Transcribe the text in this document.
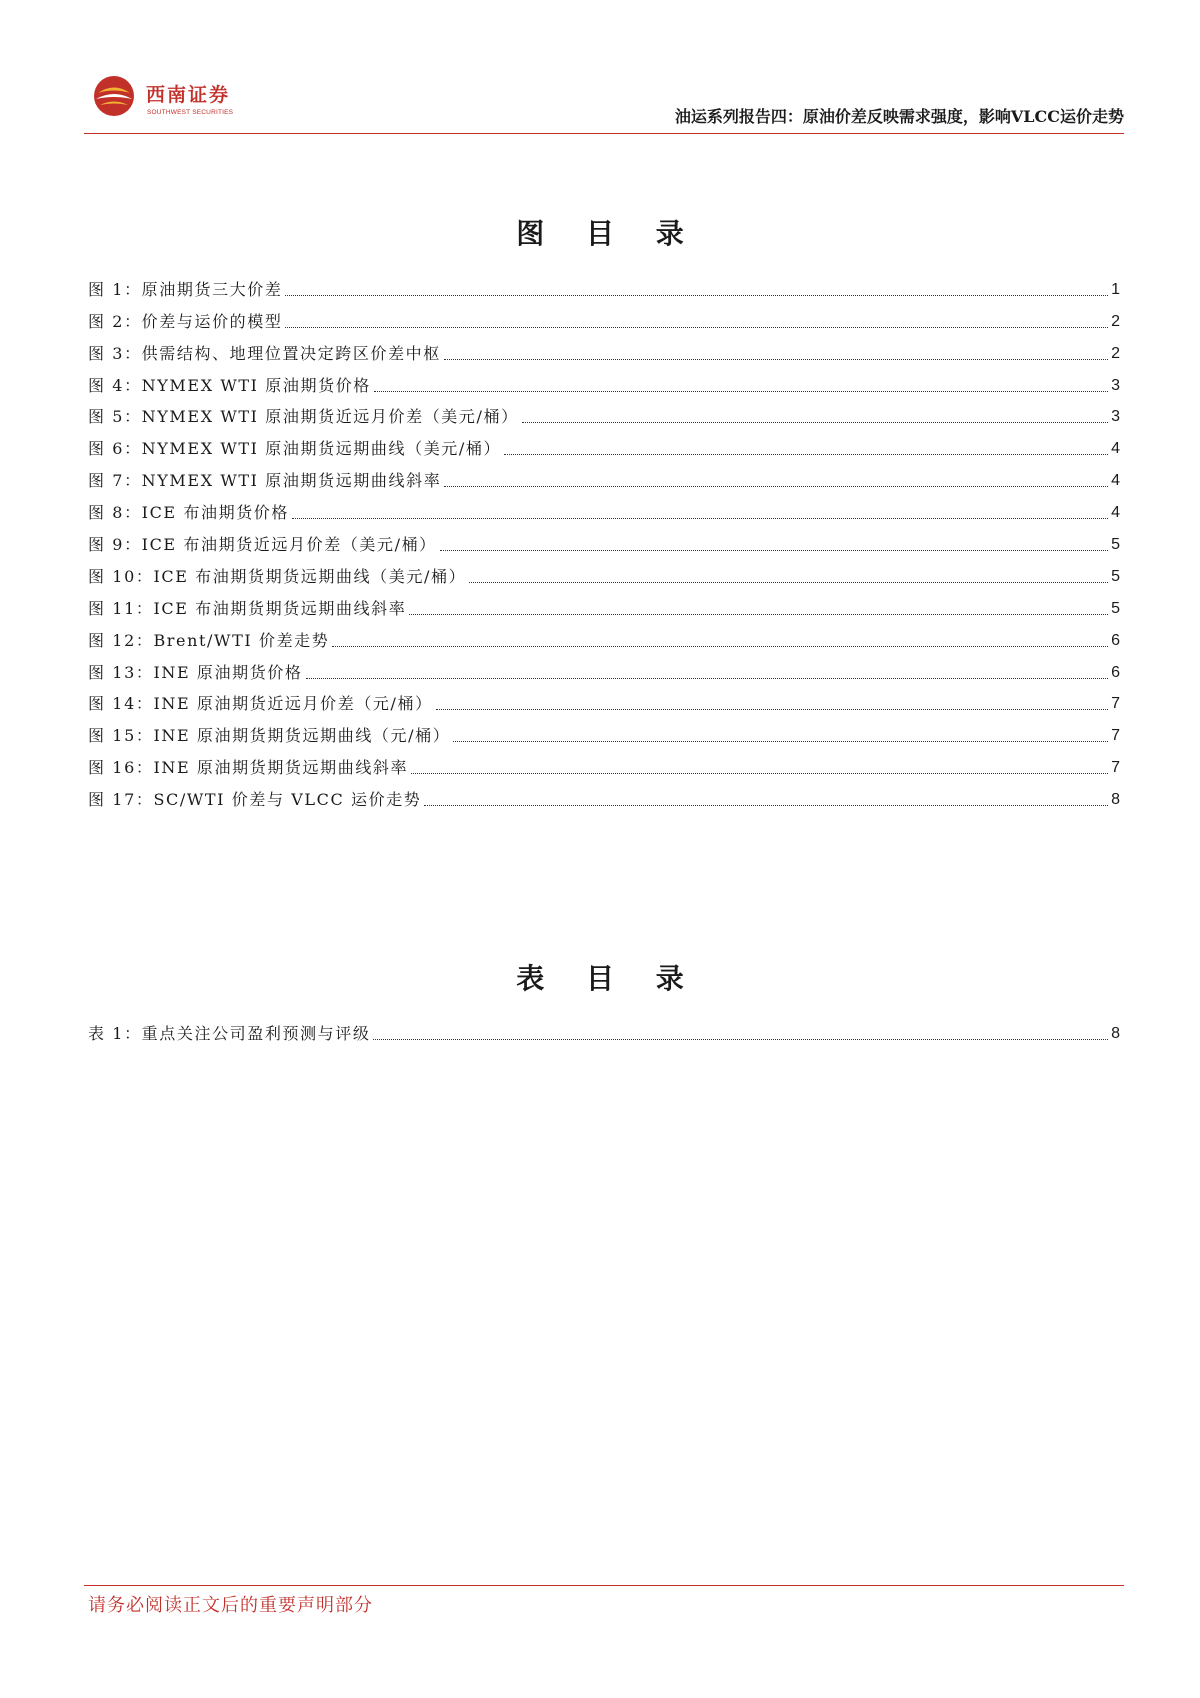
西南证券
SOUTHWEST SECURITIES	油运系列报告四：原油价差反映需求强度，影响VLCC运价走势
图 目 录
图 1：原油期货三大价差	1
图 2：价差与运价的模型	2
图 3：供需结构、地理位置决定跨区价差中枢	2
图 4：NYMEX WTI 原油期货价格	3
图 5：NYMEX WTI 原油期货近远月价差（美元/桶）	3
图 6：NYMEX WTI 原油期货远期曲线（美元/桶）	4
图 7：NYMEX WTI 原油期货远期曲线斜率	4
图 8：ICE 布油期货价格	4
图 9：ICE 布油期货近远月价差（美元/桶）	5
图 10：ICE 布油期货期货远期曲线（美元/桶）	5
图 11：ICE 布油期货期货远期曲线斜率	5
图 12：Brent/WTI 价差走势	6
图 13：INE 原油期货价格	6
图 14：INE 原油期货近远月价差（元/桶）	7
图 15：INE 原油期货期货远期曲线（元/桶）	7
图 16：INE 原油期货期货远期曲线斜率	7
图 17：SC/WTI 价差与 VLCC 运价走势	8
表 目 录
表 1：重点关注公司盈利预测与评级	8
请务必阅读正文后的重要声明部分
